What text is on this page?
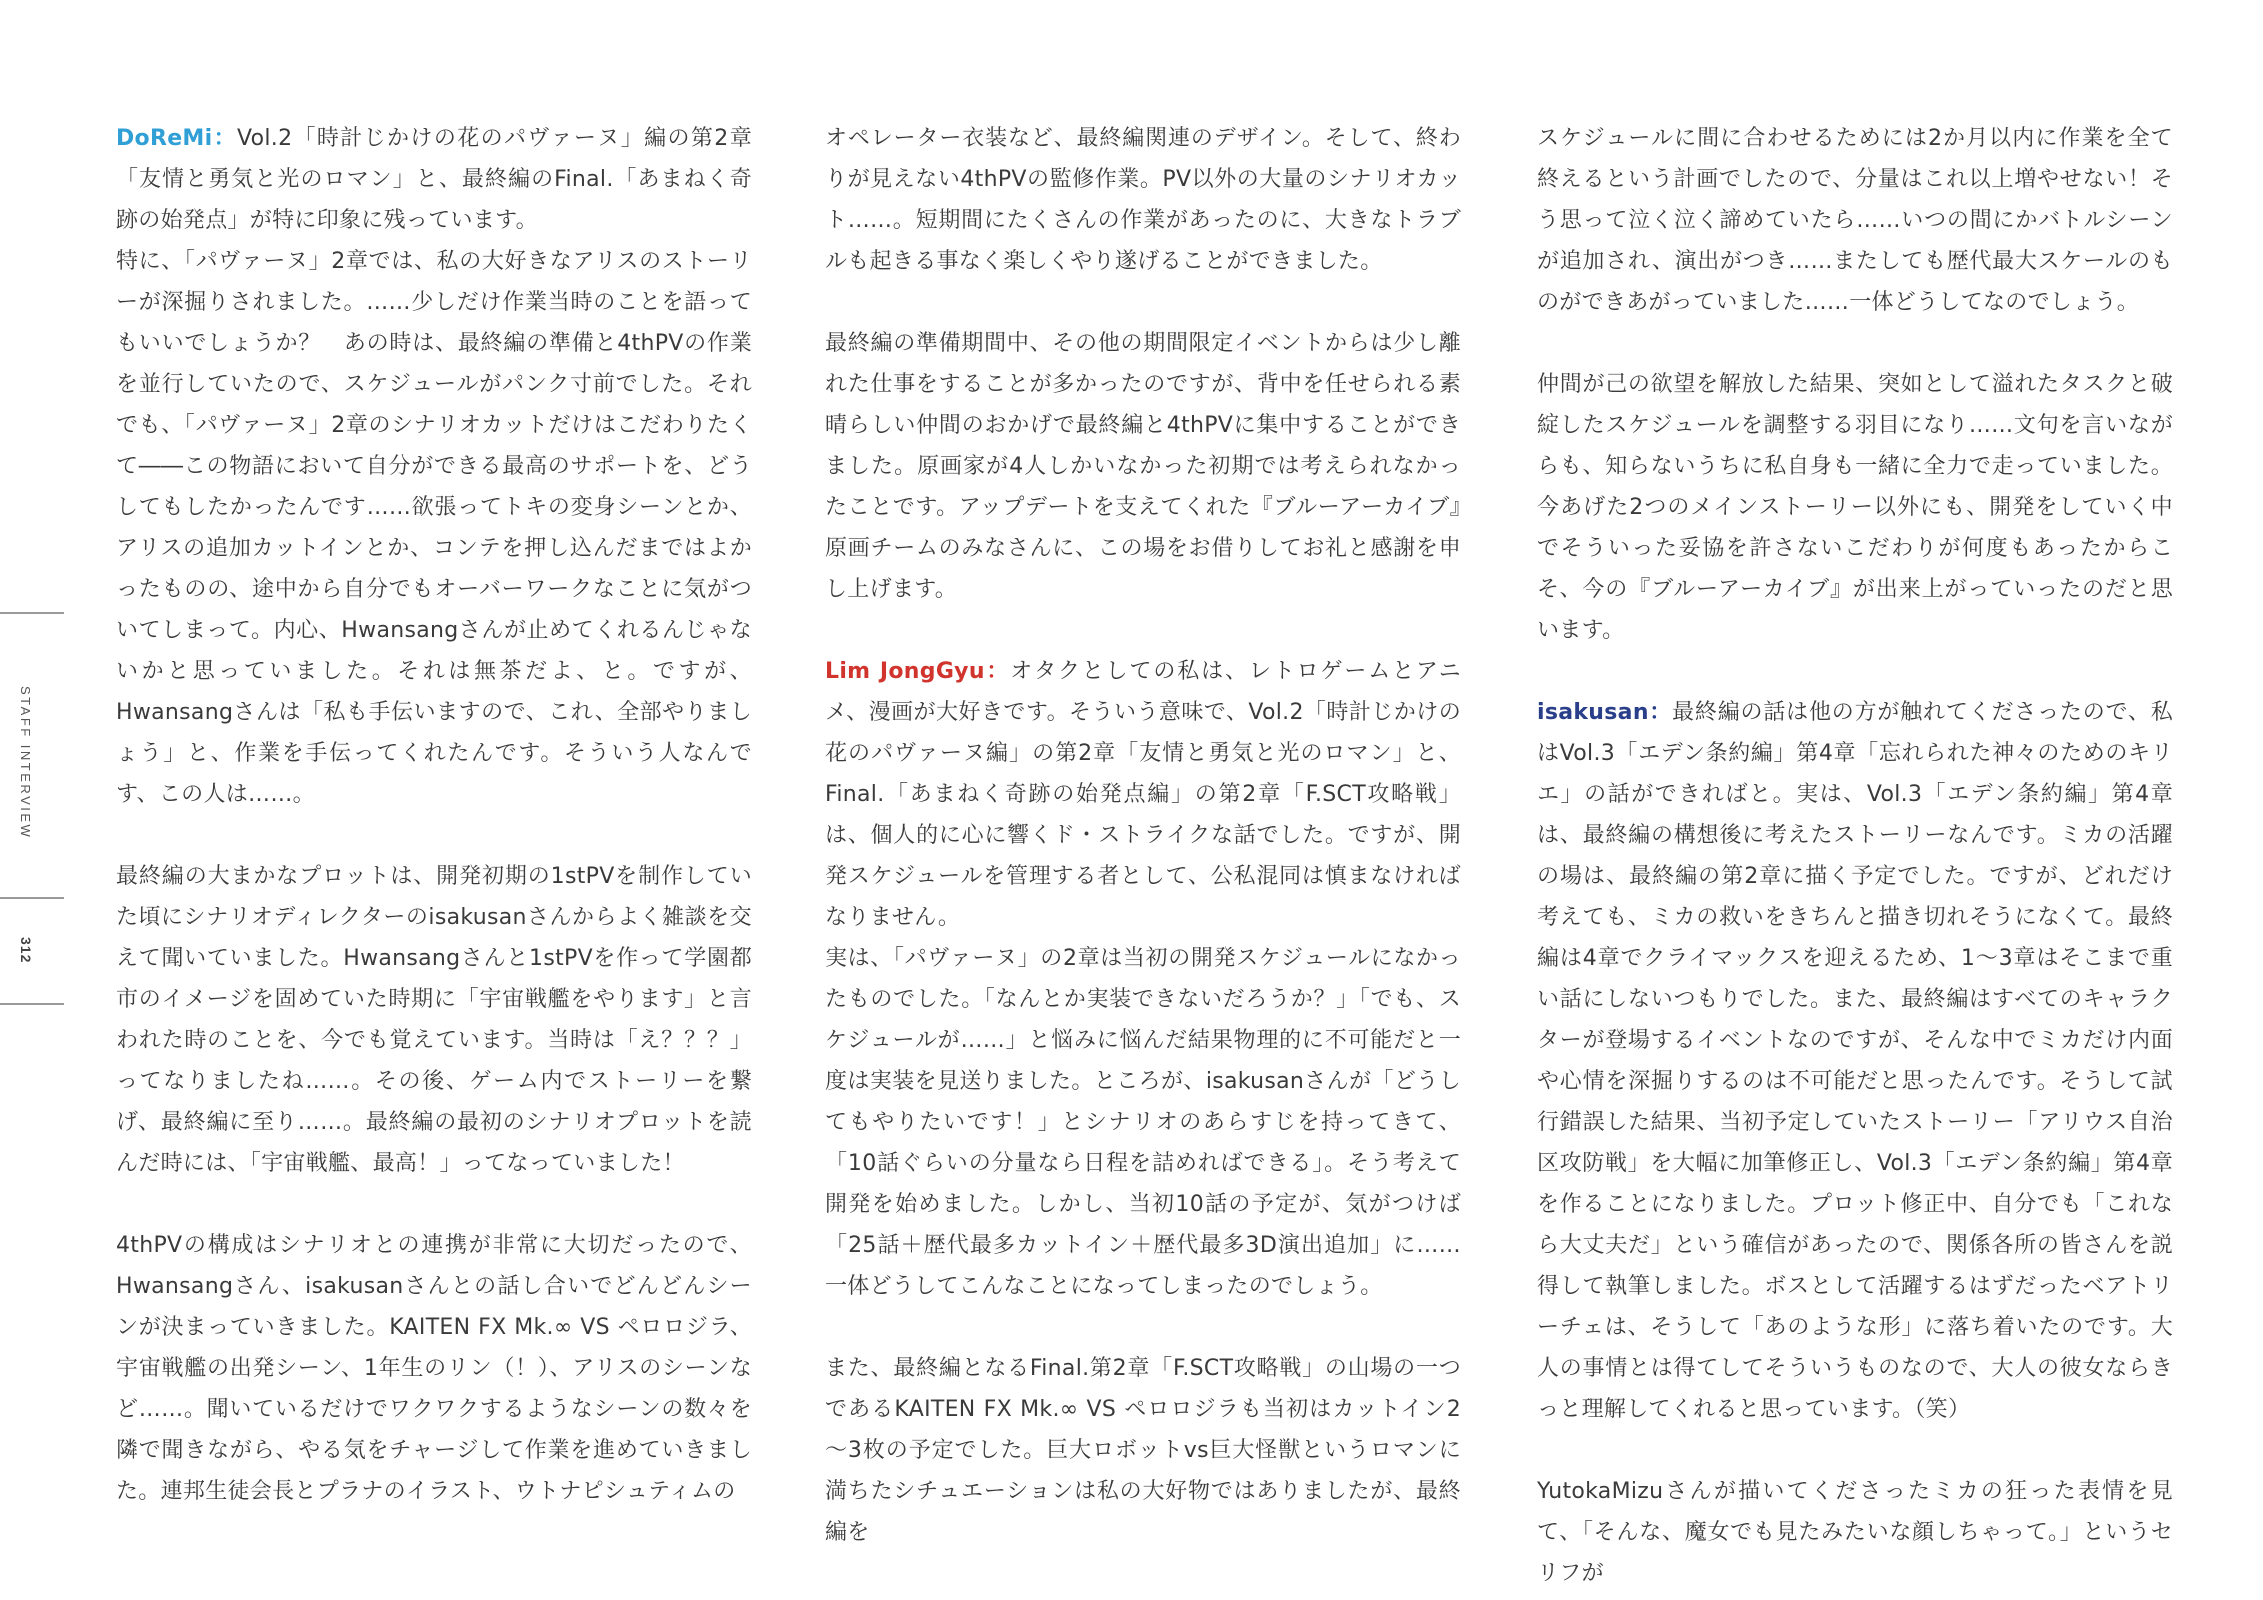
STAFF INTERVIEW
312

DoReMi：Vol.2「時計じかけの花のパヴァーヌ」編の第2章「友情と勇気と光のロマン」と、最終編のFinal.「あまねく奇跡の始発点」が特に印象に残っています。

特に、「パヴァーヌ」2章では、私の大好きなアリスのストーリーが深掘りされました。……少しだけ作業当時のことを語ってもいいでしょうか？　あの時は、最終編の準備と4thPVの作業を並行していたので、スケジュールがパンク寸前でした。それでも、「パヴァーヌ」2章のシナリオカットだけはこだわりたくて――この物語において自分ができる最高のサポートを、どうしてもしたかったんです……欲張ってトキの変身シーンとか、アリスの追加カットインとか、コンテを押し込んだまではよかったものの、途中から自分でもオーバーワークなことに気がついてしまって。内心、Hwansangさんが止めてくれるんじゃないかと思っていました。それは無茶だよ、と。ですが、Hwansangさんは「私も手伝いますので、これ、全部やりましょう」と、作業を手伝ってくれたんです。そういう人なんです、この人は……。

最終編の大まかなプロットは、開発初期の1stPVを制作していた頃にシナリオディレクターのisakusanさんからよく雑談を交えて聞いていました。Hwansangさんと1stPVを作って学園都市のイメージを固めていた時期に「宇宙戦艦をやります」と言われた時のことを、今でも覚えています。当時は「え？？？」ってなりましたね……。その後、ゲーム内でストーリーを繋げ、最終編に至り……。最終編の最初のシナリオプロットを読んだ時には、「宇宙戦艦、最高！」ってなっていました！

4thPVの構成はシナリオとの連携が非常に大切だったので、Hwansangさん、isakusanさんとの話し合いでどんどんシーンが決まっていきました。KAITEN FX Mk.∞ VS ペロロジラ、宇宙戦艦の出発シーン、1年生のリン（！）、アリスのシーンなど……。聞いているだけでワクワクするようなシーンの数々を隣で聞きながら、やる気をチャージして作業を進めていきました。連邦生徒会長とプラナのイラスト、ウトナピシュティムの

オペレーター衣装など、最終編関連のデザイン。そして、終わりが見えない4thPVの監修作業。PV以外の大量のシナリオカット……。短期間にたくさんの作業があったのに、大きなトラブルも起きる事なく楽しくやり遂げることができました。

最終編の準備期間中、その他の期間限定イベントからは少し離れた仕事をすることが多かったのですが、背中を任せられる素晴らしい仲間のおかげで最終編と4thPVに集中することができました。原画家が4人しかいなかった初期では考えられなかったことです。アップデートを支えてくれた『ブルーアーカイブ』原画チームのみなさんに、この場をお借りしてお礼と感謝を申し上げます。

Lim JongGyu：オタクとしての私は、レトロゲームとアニメ、漫画が大好きです。そういう意味で、Vol.2「時計じかけの花のパヴァーヌ編」の第2章「友情と勇気と光のロマン」と、Final.「あまねく奇跡の始発点編」の第2章「F.SCT攻略戦」は、個人的に心に響くド・ストライクな話でした。ですが、開発スケジュールを管理する者として、公私混同は慎まなければなりません。

実は、「パヴァーヌ」の2章は当初の開発スケジュールになかったものでした。「なんとか実装できないだろうか？」「でも、スケジュールが……」と悩みに悩んだ結果物理的に不可能だと一度は実装を見送りました。ところが、isakusanさんが「どうしてもやりたいです！」とシナリオのあらすじを持ってきて、「10話ぐらいの分量なら日程を詰めればできる」。そう考えて開発を始めました。しかし、当初10話の予定が、気がつけば「25話＋歴代最多カットイン＋歴代最多3D演出追加」に……一体どうしてこんなことになってしまったのでしょう。

また、最終編となるFinal.第2章「F.SCT攻略戦」の山場の一つであるKAITEN FX Mk.∞ VS ペロロジラも当初はカットイン2～3枚の予定でした。巨大ロボットvs巨大怪獣というロマンに満ちたシチュエーションは私の大好物ではありましたが、最終編を

スケジュールに間に合わせるためには2か月以内に作業を全て終えるという計画でしたので、分量はこれ以上増やせない！そう思って泣く泣く諦めていたら……いつの間にかバトルシーンが追加され、演出がつき……またしても歴代最大スケールのものができあがっていました……一体どうしてなのでしょう。

仲間が己の欲望を解放した結果、突如として溢れたタスクと破綻したスケジュールを調整する羽目になり……文句を言いながらも、知らないうちに私自身も一緒に全力で走っていました。今あげた2つのメインストーリー以外にも、開発をしていく中でそういった妥協を許さないこだわりが何度もあったからこそ、今の『ブルーアーカイブ』が出来上がっていったのだと思います。

isakusan：最終編の話は他の方が触れてくださったので、私はVol.3「エデン条約編」第4章「忘れられた神々のためのキリエ」の話ができればと。実は、Vol.3「エデン条約編」第4章は、最終編の構想後に考えたストーリーなんです。ミカの活躍の場は、最終編の第2章に描く予定でした。ですが、どれだけ考えても、ミカの救いをきちんと描き切れそうになくて。最終編は4章でクライマックスを迎えるため、1～3章はそこまで重い話にしないつもりでした。また、最終編はすべてのキャラクターが登場するイベントなのですが、そんな中でミカだけ内面や心情を深掘りするのは不可能だと思ったんです。そうして試行錯誤した結果、当初予定していたストーリー「アリウス自治区攻防戦」を大幅に加筆修正し、Vol.3「エデン条約編」第4章を作ることになりました。プロット修正中、自分でも「これなら大丈夫だ」という確信があったので、関係各所の皆さんを説得して執筆しました。ボスとして活躍するはずだったベアトリーチェは、そうして「あのような形」に落ち着いたのです。大人の事情とは得てしてそういうものなので、大人の彼女ならきっと理解してくれると思っています。（笑）

YutokaMizuさんが描いてくださったミカの狂った表情を見て、「そんな、魔女でも見たみたいな顔しちゃって。」というセリフが
